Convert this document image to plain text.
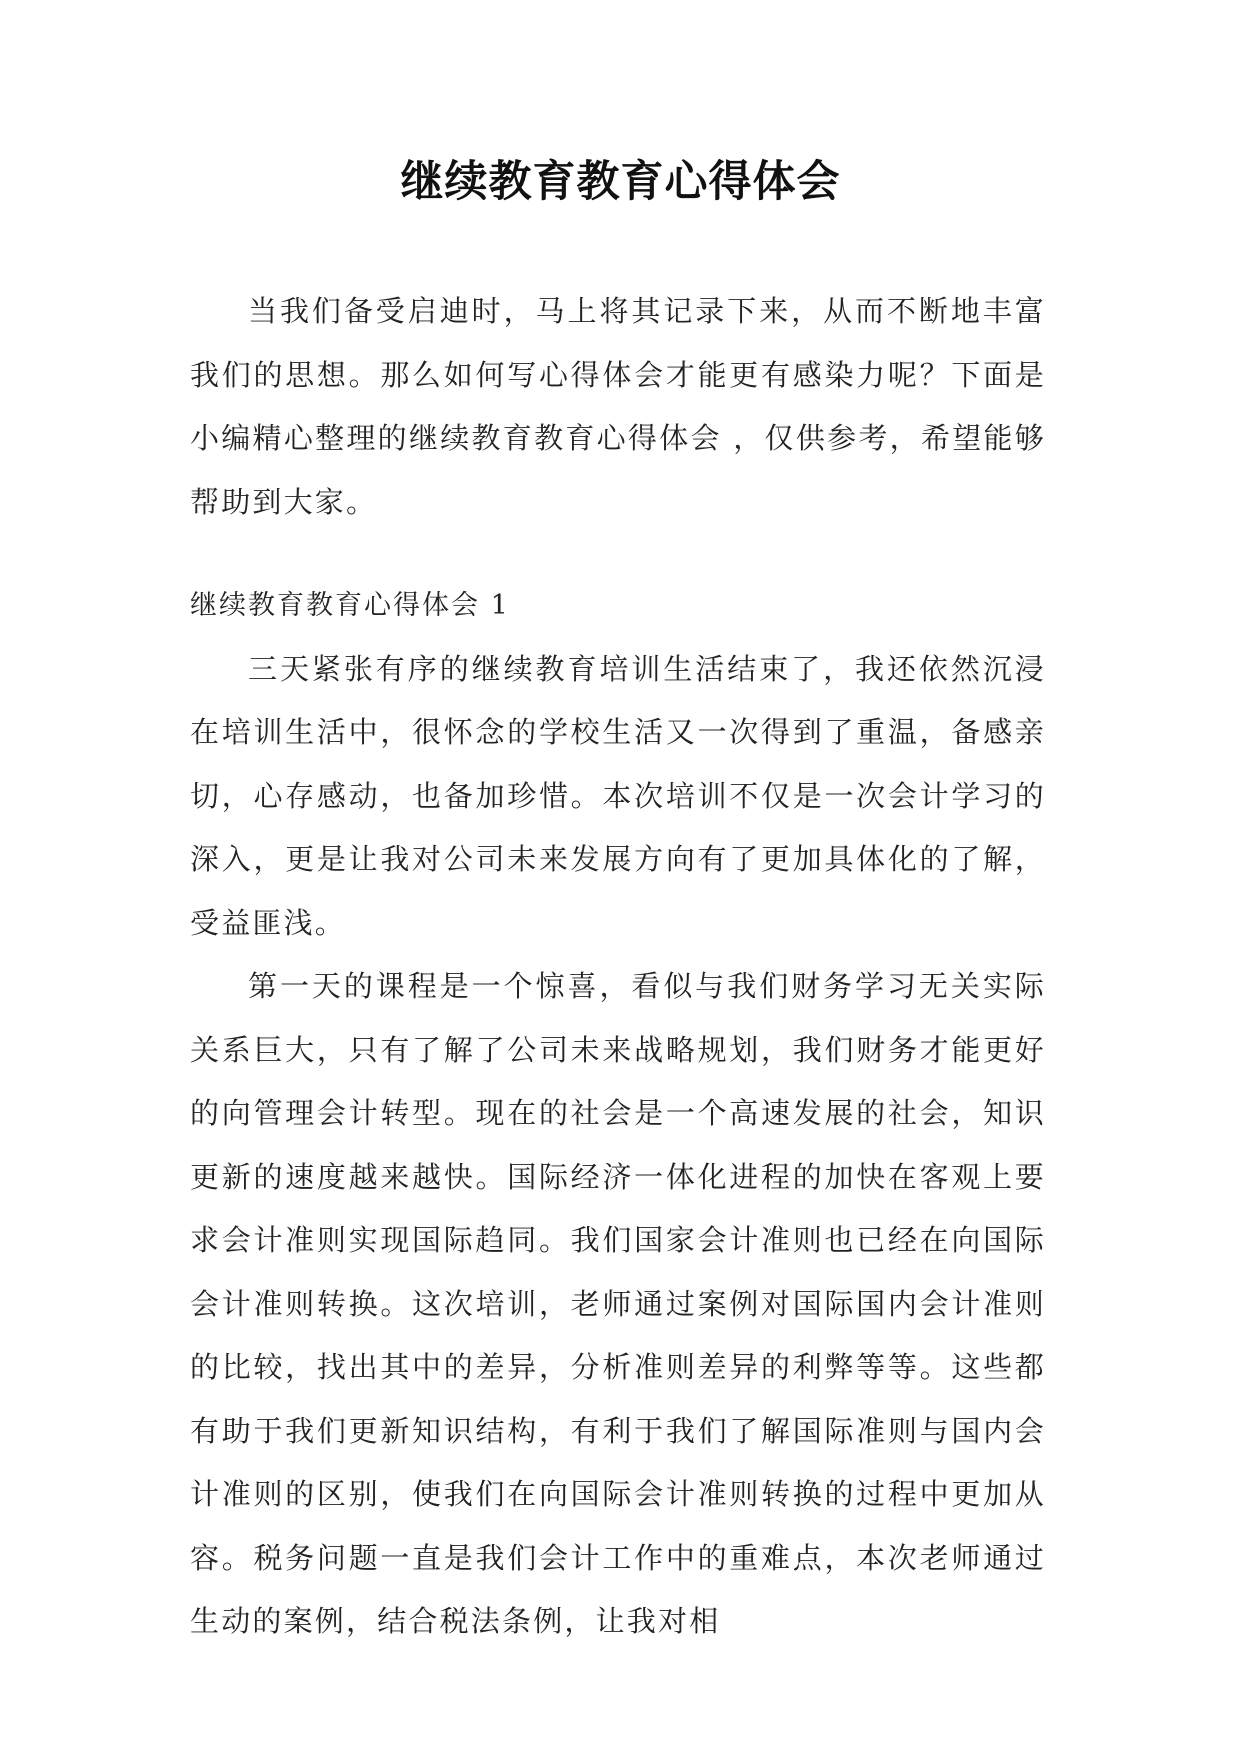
继续教育教育心得体会

当我们备受启迪时，马上将其记录下来，从而不断地丰富我们的思想。那么如何写心得体会才能更有感染力呢？下面是小编精心整理的继续教育教育心得体会 ，仅供参考，希望能够帮助到大家。

继续教育教育心得体会 1

三天紧张有序的继续教育培训生活结束了，我还依然沉浸在培训生活中，很怀念的学校生活又一次得到了重温，备感亲切，心存感动，也备加珍惜。本次培训不仅是一次会计学习的深入，更是让我对公司未来发展方向有了更加具体化的了解，受益匪浅。

第一天的课程是一个惊喜，看似与我们财务学习无关实际关系巨大，只有了解了公司未来战略规划，我们财务才能更好的向管理会计转型。现在的社会是一个高速发展的社会，知识更新的速度越来越快。国际经济一体化进程的加快在客观上要求会计准则实现国际趋同。我们国家会计准则也已经在向国际会计准则转换。这次培训，老师通过案例对国际国内会计准则的比较，找出其中的差异，分析准则差异的利弊等等。这些都有助于我们更新知识结构，有利于我们了解国际准则与国内会计准则的区别，使我们在向国际会计准则转换的过程中更加从容。税务问题一直是我们会计工作中的重难点，本次老师通过生动的案例，结合税法条例，让我对相
